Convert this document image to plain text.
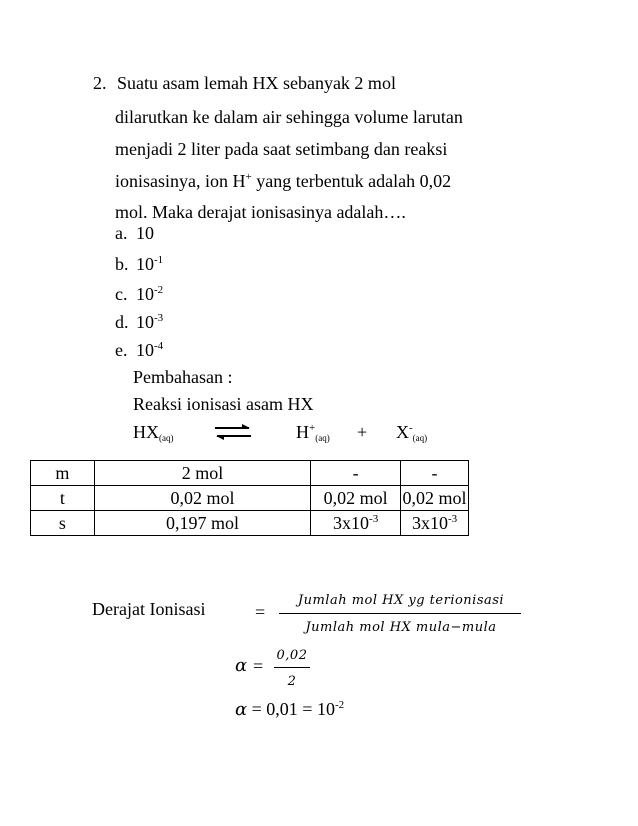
2. Suatu asam lemah HX sebanyak 2 mol
dilarutkan ke dalam air sehingga volume larutan
menjadi 2 liter pada saat setimbang dan reaksi
ionisasinya, ion H+ yang terbentuk adalah 0,02
mol. Maka derajat ionisasinya adalah….
a. 10
b. $10^{-1}$
c. $10^{-2}$
d. $10^{-3}$
e. $10^{-4}$
Pembahasan :
Reaksi ionisasi asam HX
$HX_{(aq)}$	$H^+_{(aq)} + X^-_{(aq)}$
m	2 mol	-	-
t	0,02 mol	0,02 mol	0,02 mol
s	0,197 mol	$3x10^{-3}$	$3x10^{-3}$
Derajat Ionisasi	=
Jumlah mol HX yg terionisasi
Jumlah mol HX mula−mula
α =
0,02
2
$\alpha = 0,01 = 10^{-2}$
